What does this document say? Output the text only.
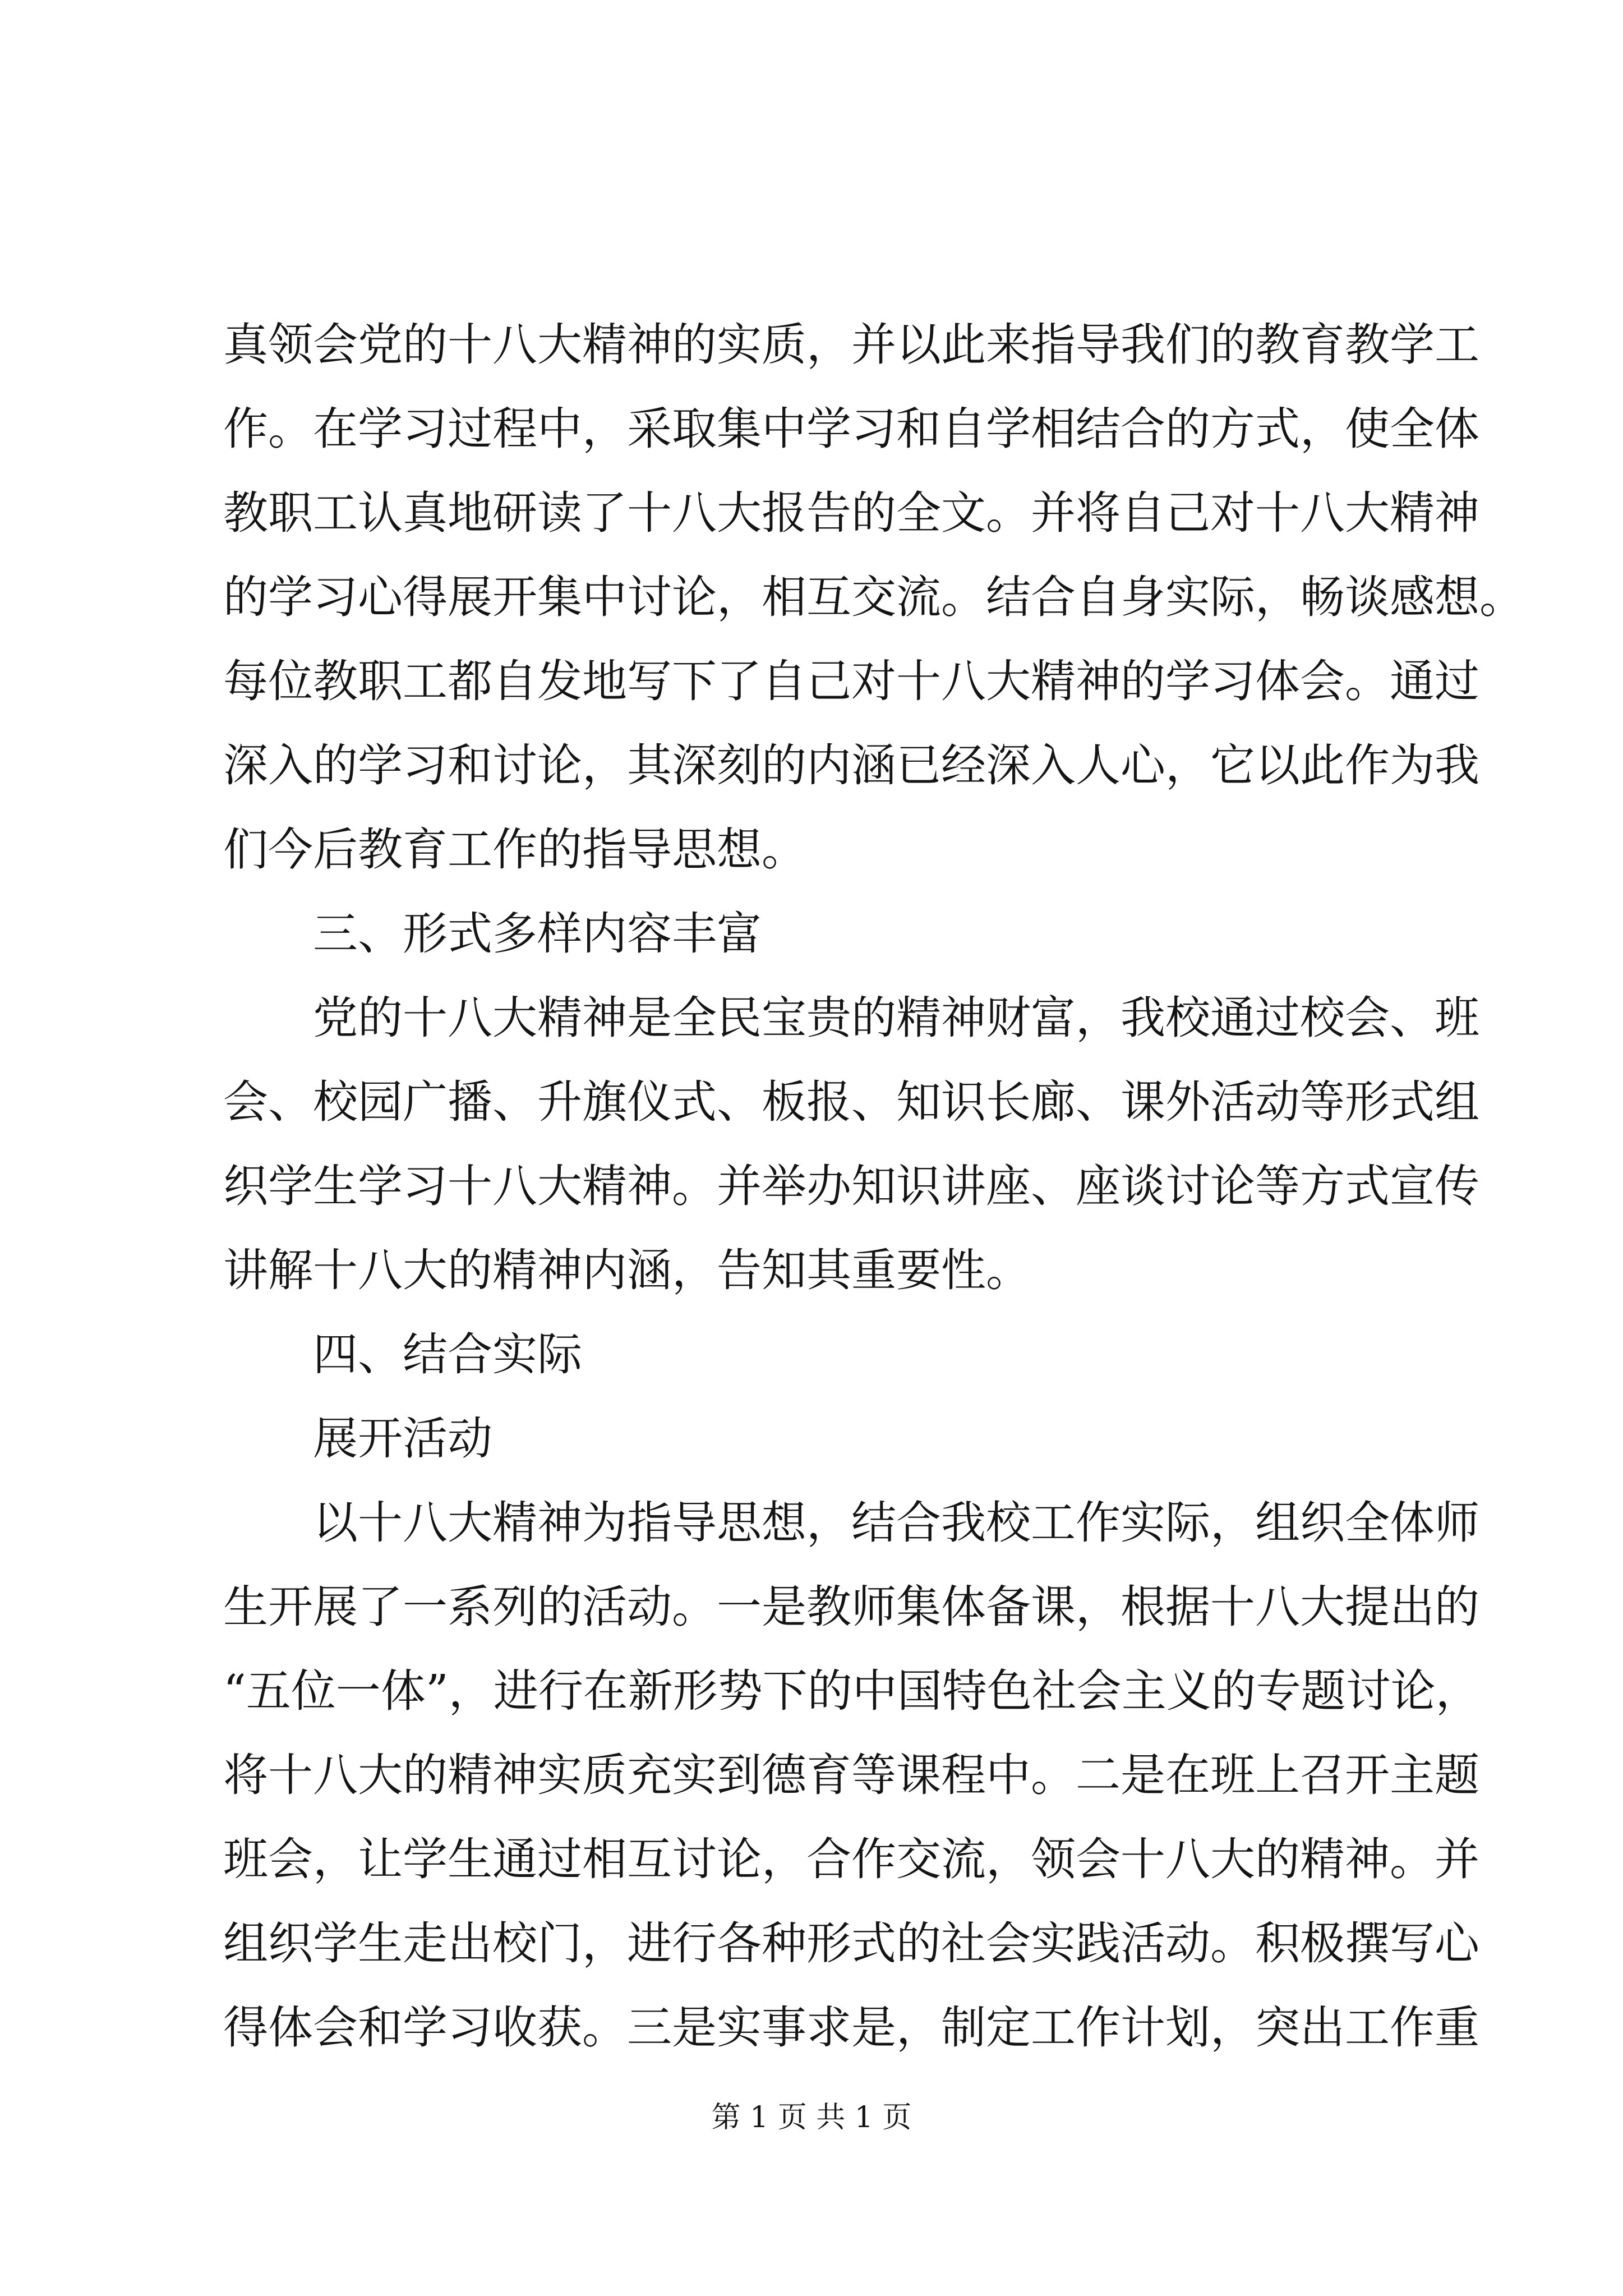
真领会党的十八大精神的实质，并以此来指导我们的教育教学工
作。在学习过程中，采取集中学习和自学相结合的方式，使全体
教职工认真地研读了十八大报告的全文。并将自己对十八大精神
的学习心得展开集中讨论，相互交流。结合自身实际，畅谈感想。
每位教职工都自发地写下了自己对十八大精神的学习体会。通过
深入的学习和讨论，其深刻的内涵已经深入人心，它以此作为我
们今后教育工作的指导思想。
三、形式多样内容丰富
党的十八大精神是全民宝贵的精神财富，我校通过校会、班
会、校园广播、升旗仪式、板报、知识长廊、课外活动等形式组
织学生学习十八大精神。并举办知识讲座、座谈讨论等方式宣传
讲解十八大的精神内涵，告知其重要性。
四、结合实际
展开活动
以十八大精神为指导思想，结合我校工作实际，组织全体师
生开展了一系列的活动。一是教师集体备课，根据十八大提出的
“五位一体”，进行在新形势下的中国特色社会主义的专题讨论，
将十八大的精神实质充实到德育等课程中。二是在班上召开主题
班会，让学生通过相互讨论，合作交流，领会十八大的精神。并
组织学生走出校门，进行各种形式的社会实践活动。积极撰写心
得体会和学习收获。三是实事求是，制定工作计划，突出工作重
第 1 页 共 1 页
